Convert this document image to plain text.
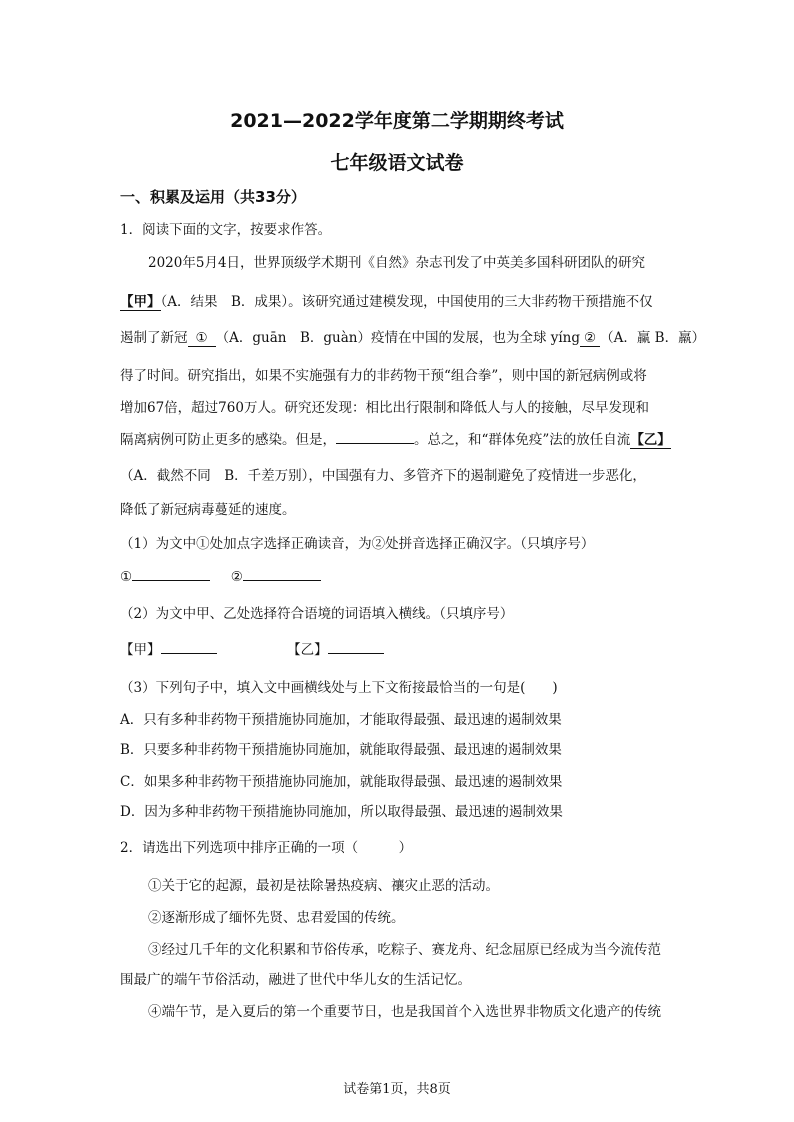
2021—2022学年度第二学期期终考试
七年级语文试卷
一、积累及运用（共33分）
1．阅读下面的文字，按要求作答。
2020年5月4日，世界顶级学术期刊《自然》杂志刊发了中英美多国科研团队的研究
【甲】（A．结果　B．成果）。该研究通过建模发现，中国使用的三大非药物干预措施不仅
遏制了新冠 ① （A．guān　B．guàn）疫情在中国的发展，也为全球 yíng ② （A．赢 B．羸）
得了时间。研究指出，如果不实施强有力的非药物干预“组合拳”，则中国的新冠病例或将
增加67倍，超过760万人。研究还发现：相比出行限制和降低人与人的接触，尽早发现和
隔离病例可防止更多的感染。但是，	。总之，和“群体免疫”法的放任自流【乙】
（A．截然不同　B．千差万别），中国强有力、多管齐下的遏制避免了疫情进一步恶化，
降低了新冠病毒蔓延的速度。
（1）为文中①处加点字选择正确读音，为②处拼音选择正确汉字。（只填序号）
①	②
（2）为文中甲、乙处选择符合语境的词语填入横线。（只填序号）
【甲】	【乙】
（3）下列句子中，填入文中画横线处与上下文衔接最恰当的一句是(　　)
A．只有多种非药物干预措施协同施加，才能取得最强、最迅速的遏制效果
B．只要多种非药物干预措施协同施加，就能取得最强、最迅速的遏制效果
C．如果多种非药物干预措施协同施加，就能取得最强、最迅速的遏制效果
D．因为多种非药物干预措施协同施加，所以取得最强、最迅速的遏制效果
2．请选出下列选项中排序正确的一项（　　　）
①关于它的起源，最初是祛除暑热疫病、禳灾止恶的活动。
②逐渐形成了缅怀先贤、忠君爱国的传统。
③经过几千年的文化积累和节俗传承，吃粽子、赛龙舟、纪念屈原已经成为当今流传范
围最广的端午节俗活动，融进了世代中华儿女的生活记忆。
④端午节，是入夏后的第一个重要节日，也是我国首个入选世界非物质文化遗产的传统
试卷第1页，共8页
